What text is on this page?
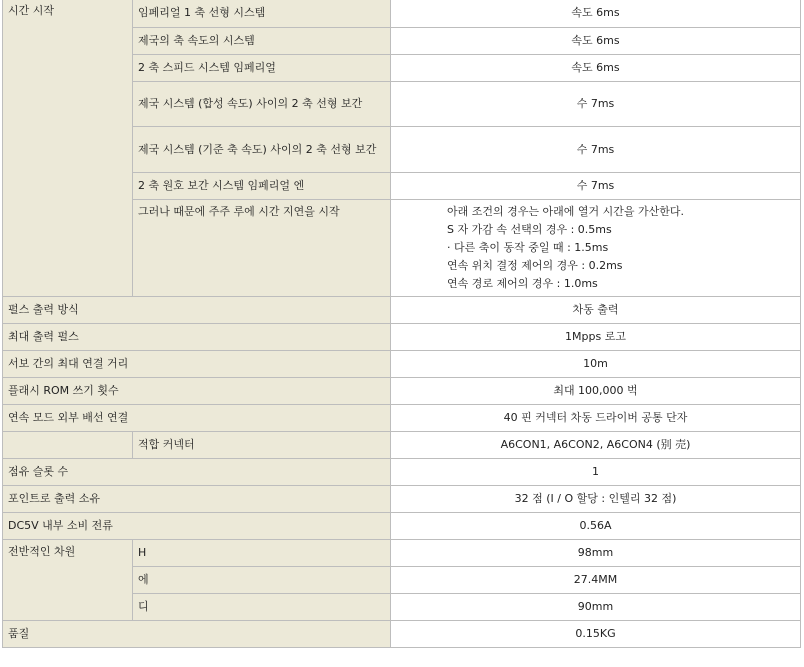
시간 시작	임페리얼 1 축 선형 시스템	속도 6ms
	제국의 축 속도의 시스템	속도 6ms
	2 축 스피드 시스템 임페리얼	속도 6ms
	제국 시스템 (합성 속도) 사이의 2 축 선형 보간	수 7ms
	제국 시스템 (기준 축 속도) 사이의 2 축 선형 보간	수 7ms
	2 축 원호 보간 시스템 임페리얼 엔	수 7ms
	그러나 때문에 주주 루에 시간 지연을 시작	아래 조건의 경우는 아래에 열거 시간을 가산한다.
S 자 가감 속 선택의 경우 : 0.5ms
· 다른 축이 동작 중일 때 : 1.5ms
연속 위치 결정 제어의 경우 : 0.2ms
연속 경로 제어의 경우 : 1.0ms

펄스 출력 방식		차동 출력
최대 출력 펄스		1Mpps 로고
서보 간의 최대 연결 거리		10m
플래시 ROM 쓰기 횟수		최대 100,000 벅
연속 모드 외부 배선 연결		40 핀 커넥터 차동 드라이버 공통 단자
	적합 커넥터	A6CON1, A6CON2, A6CON4 (别 売)
점유 슬롯 수		1
포인트로 출력 소유		32 점 (I / O 할당 : 인텔리 32 점)
DC5V 내부 소비 전류		0.56A
전반적인 차원	H	98mm
	에	27.4MM
	디	90mm
품질		0.15KG
